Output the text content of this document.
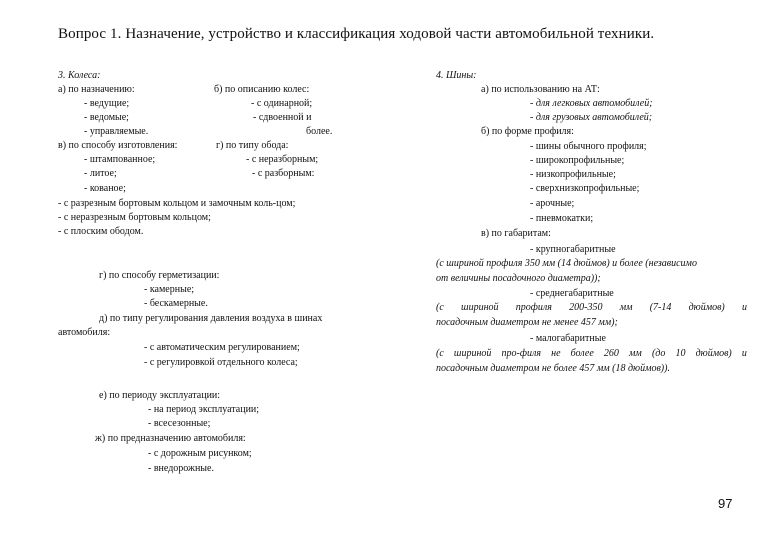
Вопрос 1. Назначение, устройство и классификация ходовой части автомобильной техники.
3. Колеса:
а) по назначению:	б) по описанию колес:
- ведущие;	- с одинарной;
- ведомые;	- сдвоенной и
- управляемые.	более.
в) по способу изготовления:	г) по типу обода:
- штампованное;	- с неразборным;
- литое;	- с разборным:
- кованое;
- с разрезным бортовым кольцом и замочным коль-цом;
- с неразрезным бортовым кольцом;
- с плоским ободом.
г) по способу герметизации:
- камерные;
- бескамерные.
д) по типу регулирования давления воздуха в шинах
автомобиля:
- с автоматическим регулированием;
- с регулировкой отдельного колеса;
е) по периоду эксплуатации:
- на период эксплуатации;
- всесезонные;
ж) по предназначению автомобиля:
- с дорожным рисунком;
- внедорожные.
4. Шины:
а) по использованию на АТ:
- для легковых автомобилей;
- для грузовых автомобилей;
б) по форме профиля:
- шины обычного профиля;
- широкопрофильные;
- низкопрофильные;
- сверхнизкопрофильные;
- арочные;
- пневмокатки;
в) по габаритам:
- крупногабаритные
(с шириной профиля 350 мм (14 дюймов) и более (независимо
от величины посадочного диаметра));
- среднегабаритные
(с шириной профиля 200-350 мм (7-14 дюймов) и
посадочным диаметром не менее 457 мм);
- малогабаритные
(с шириной про-филя не более 260 мм (до 10 дюймов) и
посадочным диаметром не более 457 мм (18 дюймов)).
97
